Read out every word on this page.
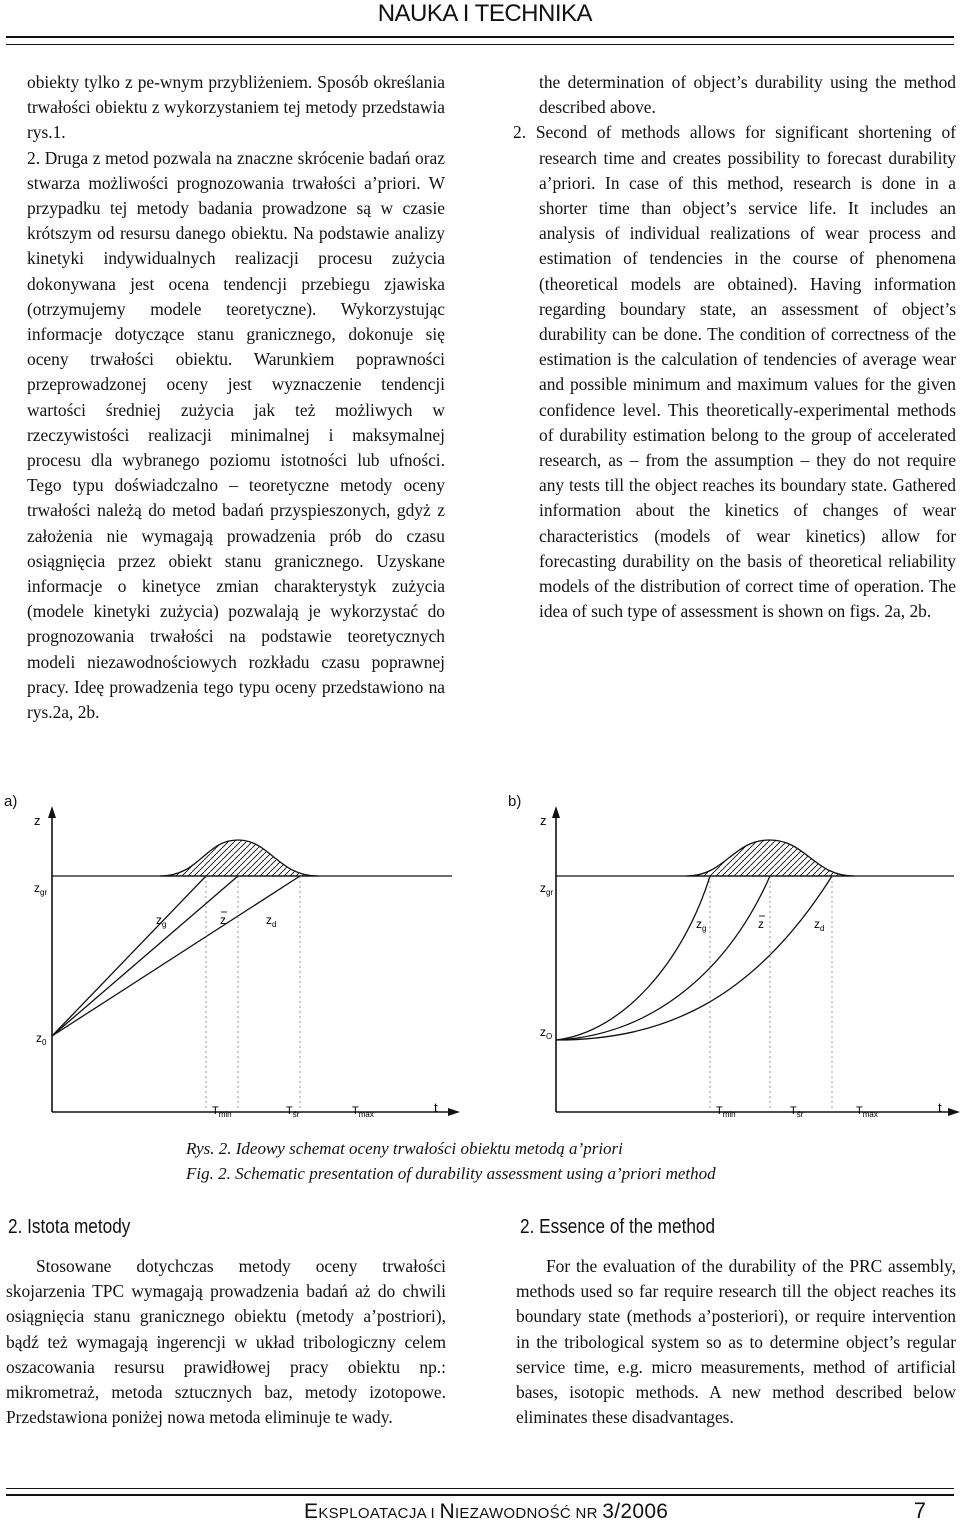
NAUKA I TECHNIKA

obiekty tylko z pe-wnym przybliżeniem. Sposób określania trwałości obiektu z wykorzystaniem tej metody przedstawia rys.1.

2. Druga z metod pozwala na znaczne skrócenie badań oraz stwarza możliwości prognozowania trwałości a’priori. W przypadku tej metody badania prowadzone są w czasie krótszym od resursu danego obiektu. Na podstawie analizy kinetyki indywidualnych realizacji procesu zużycia dokonywana jest ocena tendencji przebiegu zjawiska (otrzymujemy modele teoretyczne). Wykorzystując informacje dotyczące stanu granicznego, dokonuje się oceny trwałości obiektu. Warunkiem poprawności przeprowadzonej oceny jest wyznaczenie tendencji wartości średniej zużycia jak też możliwych w rzeczywistości realizacji minimalnej i maksymalnej procesu dla wybranego poziomu istotności lub ufności. Tego typu doświadczalno – teoretyczne metody oceny trwałości należą do metod badań przyspieszonych, gdyż z założenia nie wymagają prowadzenia prób do czasu osiągnięcia przez obiekt stanu granicznego. Uzyskane informacje o kinetyce zmian charakterystyk zużycia (modele kinetyki zużycia) pozwalają je wykorzystać do prognozowania trwałości na podstawie teoretycznych modeli niezawodnościowych rozkładu czasu poprawnej pracy. Ideę prowadzenia tego typu oceny przedstawiono na rys.2a, 2b.

the determination of object’s durability using the method described above.

2. Second of methods allows for significant shortening of research time and creates possibility to forecast durability a’priori. In case of this method, research is done in a shorter time than object’s service life. It includes an analysis of individual realizations of wear process and estimation of tendencies in the course of phenomena (theoretical models are obtained). Having information regarding boundary state, an assessment of object’s durability can be done. The condition of correctness of the estimation is the calculation of tendencies of average wear and possible minimum and maximum values for the given confidence level. This theoretically-experimental methods of durability estimation belong to the group of accelerated research, as – from the assumption – they do not require any tests till the object reaches its boundary state. Gathered information about the kinetics of changes of wear characteristics (models of wear kinetics) allow for forecasting durability on the basis of theoretical reliability models of the distribution of correct time of operation. The idea of such type of assessment is shown on figs. 2a, 2b.

a)	b)
z
$z_{gr}$
$z_0$
$z_g$	z	$z_d$
$T_{min}$	$T_{śr}$	$T_{max}$	t
z
$z_{gr}$
$z_O$
$z_g$	z	$z_d$
$T_{min}$	$T_{śr}$	$T_{max}$	t
Rys. 2. Ideowy schemat oceny trwałości obiektu metodą a’priori
Fig. 2. Schematic presentation of durability assessment using a’priori method
2. Istota metody	2. Essence of the method

Stosowane dotychczas metody oceny trwałości skojarzenia TPC wymagają prowadzenia badań aż do chwili osiągnięcia stanu granicznego obiektu (metody a’postriori), bądź też wymagają ingerencji w układ tribologiczny celem oszacowania resursu prawidłowej pracy obiektu np.: mikrometraż, metoda sztucznych baz, metody izotopowe. Przedstawiona poniżej nowa metoda eliminuje te wady.

For the evaluation of the durability of the PRC assembly, methods used so far require research till the object reaches its boundary state (methods a’posteriori), or require intervention in the tribological system so as to determine object’s regular service time, e.g. micro measurements, method of artificial bases, isotopic methods. A new method described below eliminates these disadvantages.

EKSPLOATACJA I NIEZAWODNOŚĆ NR 3/2006	7
